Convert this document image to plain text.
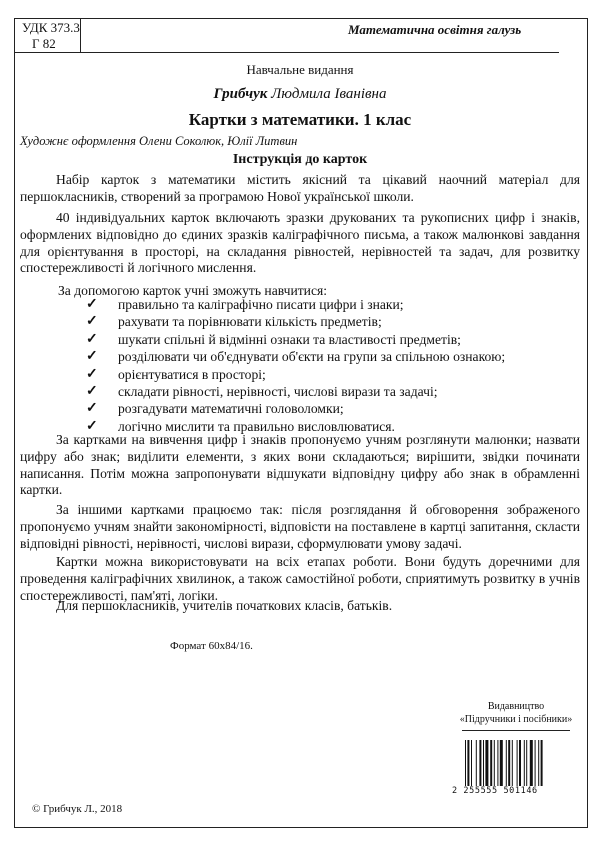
УДК 373.3
Г 82
Математична освітня галузь
Навчальне видання
Грибчук Людмила Іванівна
Картки з математики. 1 клас
Художнє оформлення Олени Соколюк, Юлії Литвин
Інструкція до карток

Набір карток з математики містить якісний та цікавий наочний матеріал для першокласників, створений за програмою Нової української школи.

40 індивідуальних карток включають зразки друкованих та рукописних цифр і знаків, оформлених відповідно до єдиних зразків каліграфічного письма, а також малюнкові завдання для орієнтування в просторі, на складання рівностей, нерівностей та задач, для розвитку спостережливості й логічного мислення.

За допомогою карток учні зможуть навчитися:
✓ правильно та каліграфічно писати цифри і знаки;
✓ рахувати та порівнювати кількість предметів;
✓ шукати спільні й відмінні ознаки та властивості предметів;
✓ розділювати чи об'єднувати об'єкти на групи за спільною ознакою;
✓ орієнтуватися в просторі;
✓ складати рівності, нерівності, числові вирази та задачі;
✓ розгадувати математичні головоломки;
✓ логічно мислити та правильно висловлюватися.

За картками на вивчення цифр і знаків пропонуємо учням розглянути малюнки; назвати цифру або знак; виділити елементи, з яких вони складаються; вирішити, звідки починати написання. Потім можна запропонувати відшукати відповідну цифру або знак в обрамленні картки.

За іншими картками працюємо так: після розглядання й обговорення зображеного пропонуємо учням знайти закономірності, відповісти на поставлене в картці запитання, скласти відповідні рівності, нерівності, числові вирази, сформулювати умову задачі.

Картки можна використовувати на всіх етапах роботи. Вони будуть доречними для проведення каліграфічних хвилинок, а також самостійної роботи, сприятимуть розвитку в учнів спостережливості, пам'яті, логіки.

Для першокласників, учителів початкових класів, батьків.

Формат 60x84/16.
Видавництво
«Підручники і посібники»
2 255555 501146
© Грибчук Л., 2018
